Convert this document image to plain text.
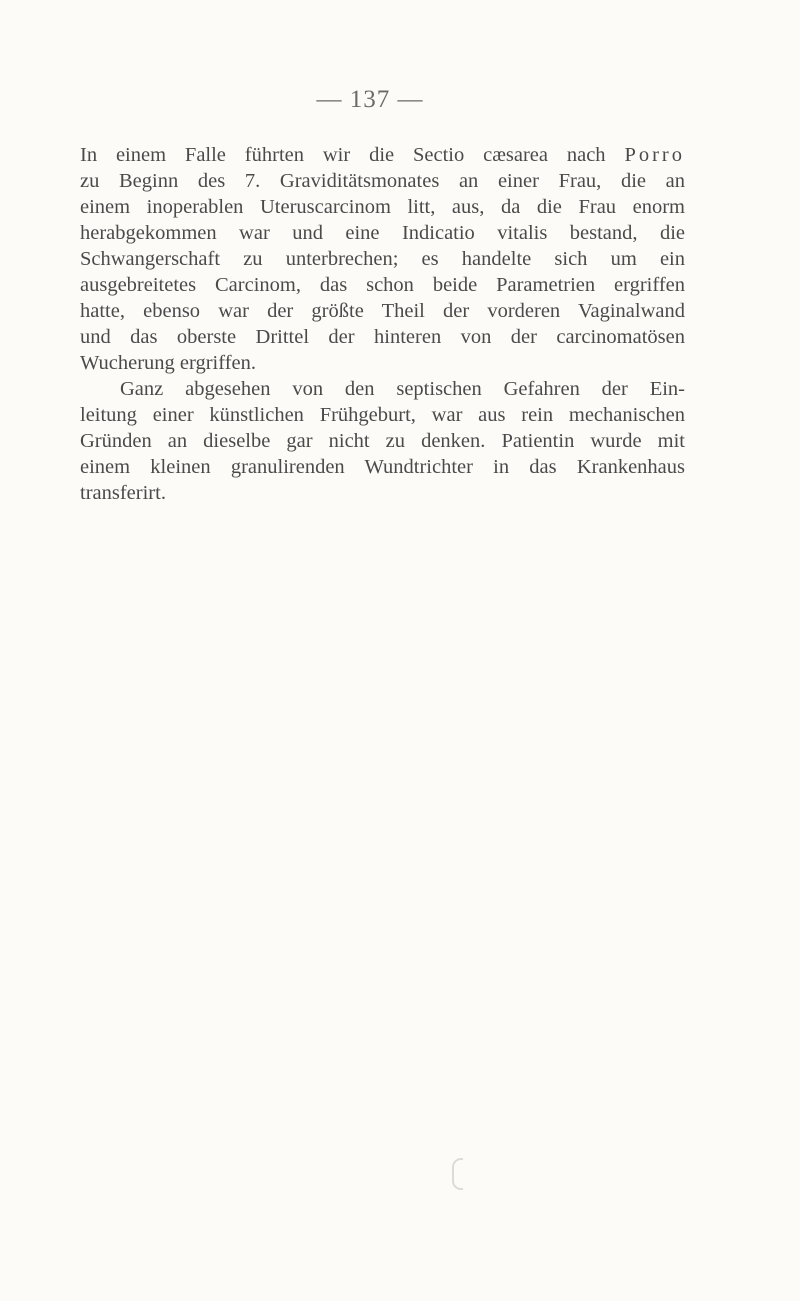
— 137 —
In einem Falle führten wir die Sectio cæsarea nach Porro
zu Beginn des 7. Graviditätsmonates an einer Frau, die an
einem inoperablen Uteruscarcinom litt, aus, da die Frau enorm
herabgekommen war und eine Indicatio vitalis bestand, die
Schwangerschaft zu unterbrechen; es handelte sich um ein
ausgebreitetes Carcinom, das schon beide Parametrien ergriffen
hatte, ebenso war der größte Theil der vorderen Vaginalwand
und das oberste Drittel der hinteren von der carcinomatösen
Wucherung ergriffen.
Ganz abgesehen von den septischen Gefahren der Ein-
leitung einer künstlichen Frühgeburt, war aus rein mechanischen
Gründen an dieselbe gar nicht zu denken. Patientin wurde mit
einem kleinen granulirenden Wundtrichter in das Krankenhaus
transferirt.
